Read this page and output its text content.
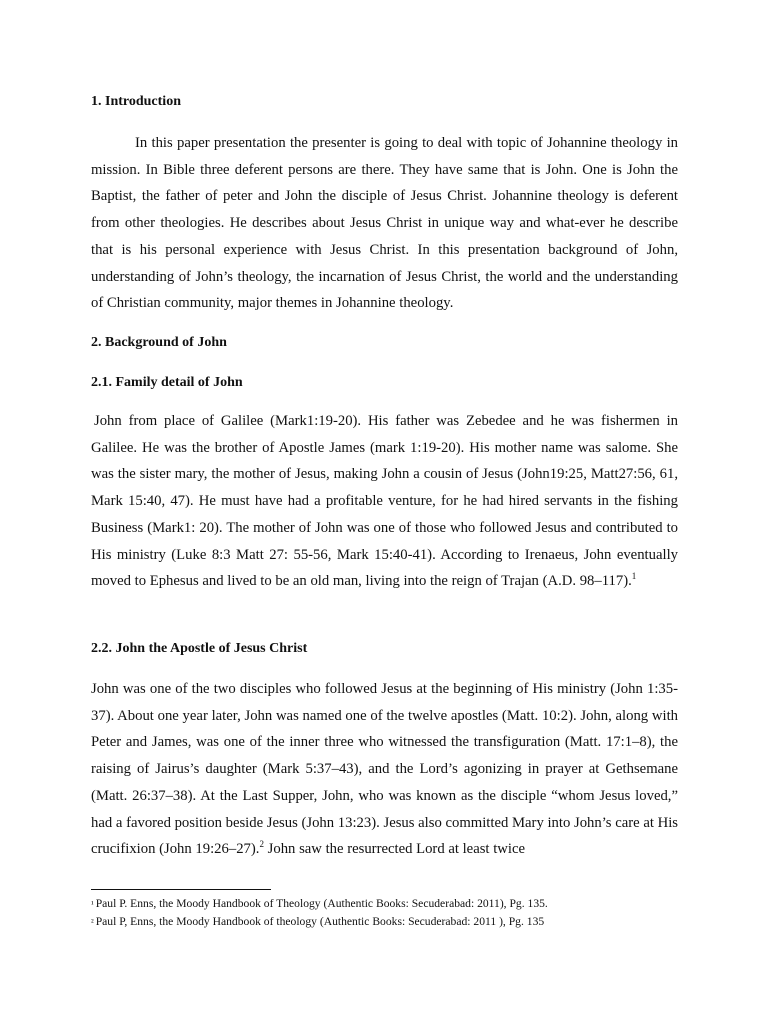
1. Introduction

In this paper presentation the presenter is going to deal with topic of Johannine theology in mission. In Bible three deferent persons are there. They have same that is John. One is John the Baptist, the father of peter and John the disciple of Jesus Christ. Johannine theology is deferent from other theologies. He describes about Jesus Christ in unique way and what-ever he describe that is his personal experience with Jesus Christ. In this presentation background of John, understanding of John’s theology, the incarnation of Jesus Christ, the world and the understanding of Christian community, major themes in Johannine theology.

2. Background of John
2.1. Family detail of John

John from place of Galilee (Mark1:19-20). His father was Zebedee and he was fishermen in Galilee. He was the brother of Apostle James (mark 1:19-20). His mother name was salome. She was the sister mary, the mother of Jesus, making John a cousin of Jesus (John19:25, Matt27:56, 61, Mark 15:40, 47). He must have had a profitable venture, for he had hired servants in the fishing Business (Mark1: 20). The mother of John was one of those who followed Jesus and contributed to His ministry (Luke 8:3 Matt 27: 55-56, Mark 15:40-41). According to Irenaeus, John eventually moved to Ephesus and lived to be an old man, living into the reign of Trajan (A.D. 98–117).$^1$

2.2. John the Apostle of Jesus Christ

John was one of the two disciples who followed Jesus at the beginning of His ministry (John 1:35-37). About one year later, John was named one of the twelve apostles (Matt. 10:2). John, along with Peter and James, was one of the inner three who witnessed the transfiguration (Matt. 17:1–8), the raising of Jairus’s daughter (Mark 5:37–43), and the Lord’s agonizing in prayer at Gethsemane (Matt. 26:37–38). At the Last Supper, John, who was known as the disciple “whom Jesus loved,” had a favored position beside Jesus (John 13:23). Jesus also committed Mary into John’s care at His crucifixion (John 19:26–27).$^2$ John saw the resurrected Lord at least twice

¹ Paul P. Enns, the Moody Handbook of Theology (Authentic Books: Secuderabad: 2011), Pg. 135.
² Paul P, Enns, the Moody Handbook of theology (Authentic Books: Secuderabad: 2011 ), Pg. 135
